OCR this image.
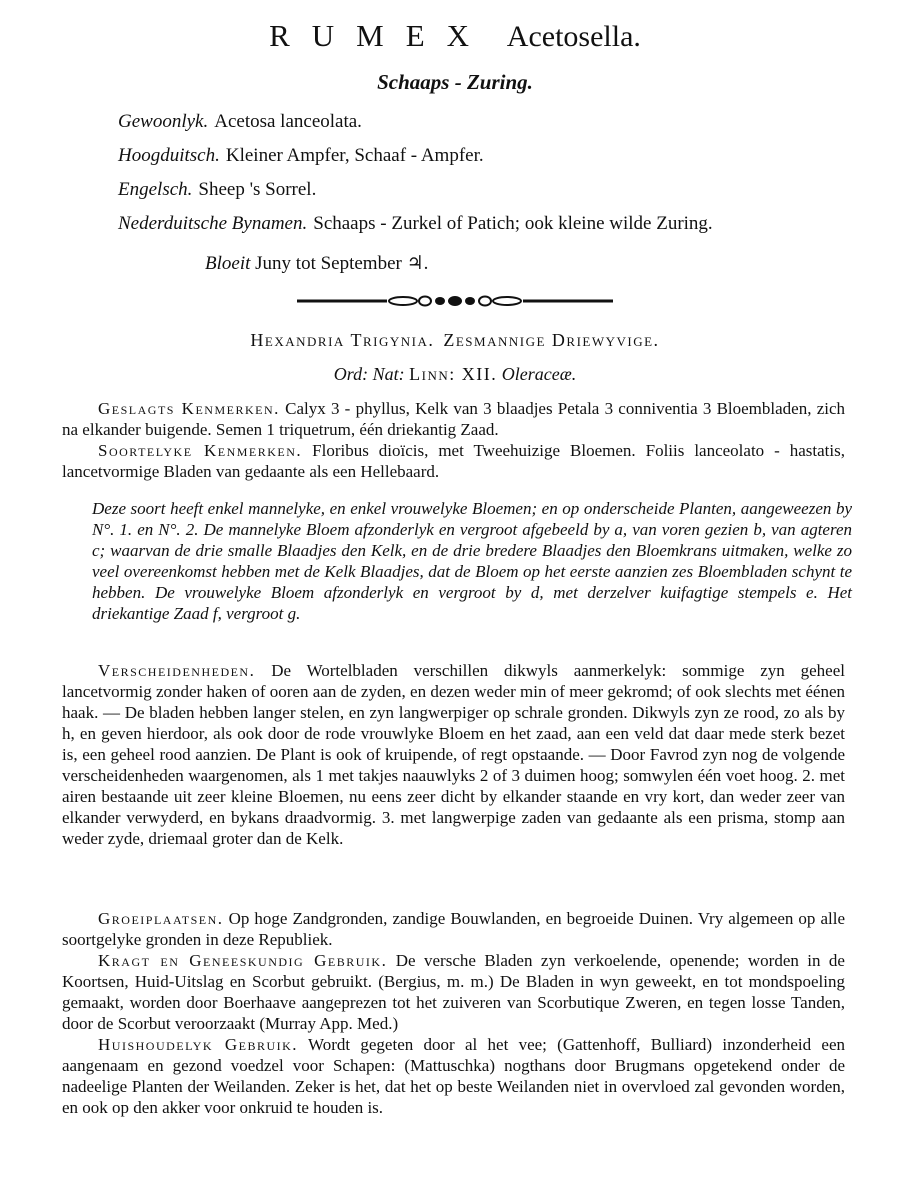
RUMEX Acetosella.
Schaaps - Zuring.
Gewoonlyk. Acetosa lanceolata.
Hoogduitsch. Kleiner Ampfer, Schaaf - Ampfer.
Engelsch. Sheep 's Sorrel.
Nederduitsche Bynamen. Schaaps - Zurkel of Patich; ook kleine wilde Zuring.
Bloeit Juny tot September ♃.
Hexandria Trigynia. Zesmannige Driewyvige.
Ord: Nat: Linn: XII. Oleraceæ.

Geslagts Kenmerken. Calyx 3 - phyllus, Kelk van 3 blaadjes Petala 3 conniventia 3 Bloembladen, zich na elkander buigende. Semen 1 triquetrum, één driekantig Zaad.

Soortelyke Kenmerken. Floribus dioïcis, met Tweehuizige Bloemen. Foliis lanceolato - hastatis, lancetvormige Bladen van gedaante als een Hellebaard.

Deze soort heeft enkel mannelyke, en enkel vrouwelyke Bloemen; en op onderscheide Planten, aangeweezen by N°. 1. en N°. 2. De mannelyke Bloem afzonderlyk en vergroot afgebeeld by a, van voren gezien b, van agteren c; waarvan de drie smalle Blaadjes den Kelk, en de drie bredere Blaadjes den Bloemkrans uitmaken, welke zo veel overeenkomst hebben met de Kelk Blaadjes, dat de Bloem op het eerste aanzien zes Bloembladen schynt te hebben. De vrouwelyke Bloem afzonderlyk en vergroot by d, met derzelver kuifagtige stempels e. Het driekantige Zaad f, vergroot g.

Verscheidenheden. De Wortelbladen verschillen dikwyls aanmerkelyk: sommige zyn geheel lancetvormig zonder haken of ooren aan de zyden, en dezen weder min of meer gekromd; of ook slechts met éénen haak. — De bladen hebben langer stelen, en zyn langwerpiger op schrale gronden. Dikwyls zyn ze rood, zo als by h, en geven hierdoor, als ook door de rode vrouwlyke Bloem en het zaad, aan een veld dat daar mede sterk bezet is, een geheel rood aanzien. De Plant is ook of kruipende, of regt opstaande. — Door Favrod zyn nog de volgende verscheidenheden waargenomen, als 1 met takjes naauwlyks 2 of 3 duimen hoog; somwylen één voet hoog. 2. met airen bestaande uit zeer kleine Bloemen, nu eens zeer dicht by elkander staande en vry kort, dan weder zeer van elkander verwyderd, en bykans draadvormig. 3. met langwerpige zaden van gedaante als een prisma, stomp aan weder zyde, driemaal groter dan de Kelk.

Groeiplaatsen. Op hoge Zandgronden, zandige Bouwlanden, en begroeide Duinen. Vry algemeen op alle soortgelyke gronden in deze Republiek.

Kragt en Geneeskundig Gebruik. De versche Bladen zyn verkoelende, openende; worden in de Koortsen, Huid-Uitslag en Scorbut gebruikt. (Bergius, m. m.) De Bladen in wyn geweekt, en tot mondspoeling gemaakt, worden door Boerhaave aangeprezen tot het zuiveren van Scorbutique Zweren, en tegen losse Tanden, door de Scorbut veroorzaakt (Murray App. Med.)

Huishoudelyk Gebruik. Wordt gegeten door al het vee; (Gattenhoff, Bulliard) inzonderheid een aangenaam en gezond voedzel voor Schapen: (Mattuschka) nogthans door Brugmans opgetekend onder de nadeelige Planten der Weilanden. Zeker is het, dat het op beste Weilanden niet in overvloed zal gevonden worden, en ook op den akker voor onkruid te houden is.
